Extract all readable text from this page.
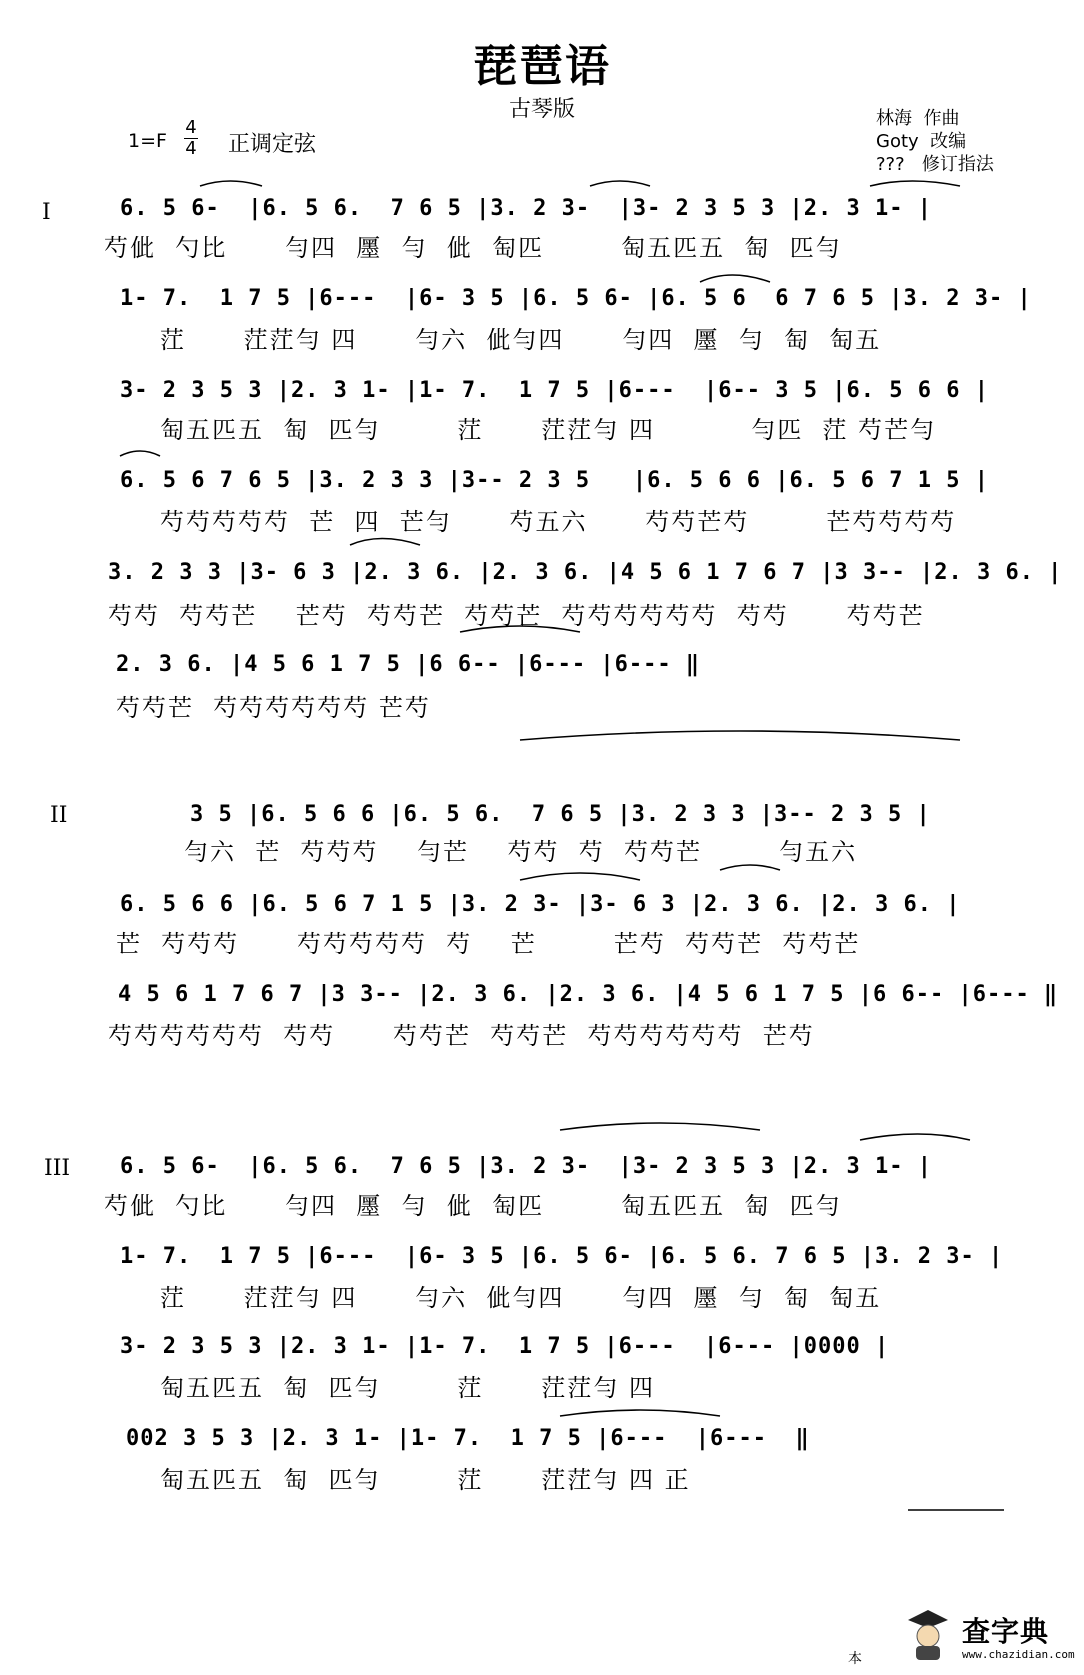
琵琶语
古琴版
1=F
4
4 正调定弦
林海  作曲
Goty  改编
???   修订指法
I	6. 5 6-  |6. 5 6.  7 6 5 |3. 2 3-  |3- 2 3 5 3 |2. 3 1- |
芍佌  勺比      勻四  㕓  勻  佌  匋匹        匋五匹五  匋  匹勻
1- 7.  1 7 5 |6---  |6- 3 5 |6. 5 6- |6. 5 6  6 7 6 5 |3. 2 3- |
茳      茳茳勻 四      勻六  佌勻四      勻四  㕓  勻  匋  匋五
3- 2 3 5 3 |2. 3 1- |1- 7.  1 7 5 |6---  |6-- 3 5 |6. 5 6 6 |
匋五匹五  匋  匹勻        茳      茳茳勻 四          勻匹  茳 芍芒勻
6. 5 6 7 6 5 |3. 2 3 3 |3-- 2 3 5   |6. 5 6 6 |6. 5 6 7 1 5 |
芍芍芍芍芍  芒  四  芒勻      芍五六      芍芍芒芍        芒芍芍芍芍
3. 2 3 3 |3- 6 3 |2. 3 6. |2. 3 6. |4 5 6 1 7 6 7 |3 3-- |2. 3 6. |
芍芍  芍芍芒    芒芍  芍芍芒  芍芍芒  芍芍芍芍芍芍  芍芍      芍芍芒
2. 3 6. |4 5 6 1 7 5 |6 6-- |6--- |6--- ‖
芍芍芒  芍芍芍芍芍芍 芒芍
II	3 5 |6. 5 6 6 |6. 5 6.  7 6 5 |3. 2 3 3 |3-- 2 3 5 |
勻六  芒  芍芍芍    勻芒    芍芍  芍  芍芍芒        勻五六
6. 5 6 6 |6. 5 6 7 1 5 |3. 2 3- |3- 6 3 |2. 3 6. |2. 3 6. |
芒  芍芍芍      芍芍芍芍芍  芍    芒        芒芍  芍芍芒  芍芍芒
4 5 6 1 7 6 7 |3 3-- |2. 3 6. |2. 3 6. |4 5 6 1 7 5 |6 6-- |6--- ‖
芍芍芍芍芍芍  芍芍      芍芍芒  芍芍芒  芍芍芍芍芍芍  芒芍
III 6. 5 6-  |6. 5 6.  7 6 5 |3. 2 3-  |3- 2 3 5 3 |2. 3 1- |
芍佌  勺比      勻四  㕓  勻  佌  匋匹        匋五匹五  匋  匹勻
1- 7.  1 7 5 |6---  |6- 3 5 |6. 5 6- |6. 5 6. 7 6 5 |3. 2 3- |
茳      茳茳勻 四      勻六  佌勻四      勻四  㕓  勻  匋  匋五
3- 2 3 5 3 |2. 3 1- |1- 7.  1 7 5 |6---  |6--- |0000 |
匋五匹五  匋  匹勻        茳      茳茳勻 四
002 3 5 3 |2. 3 1- |1- 7.  1 7 5 |6---  |6---  ‖
匋五匹五  匋  匹勻        茳      茳茳勻 四 正
本
查字典
www.chazidian.com
